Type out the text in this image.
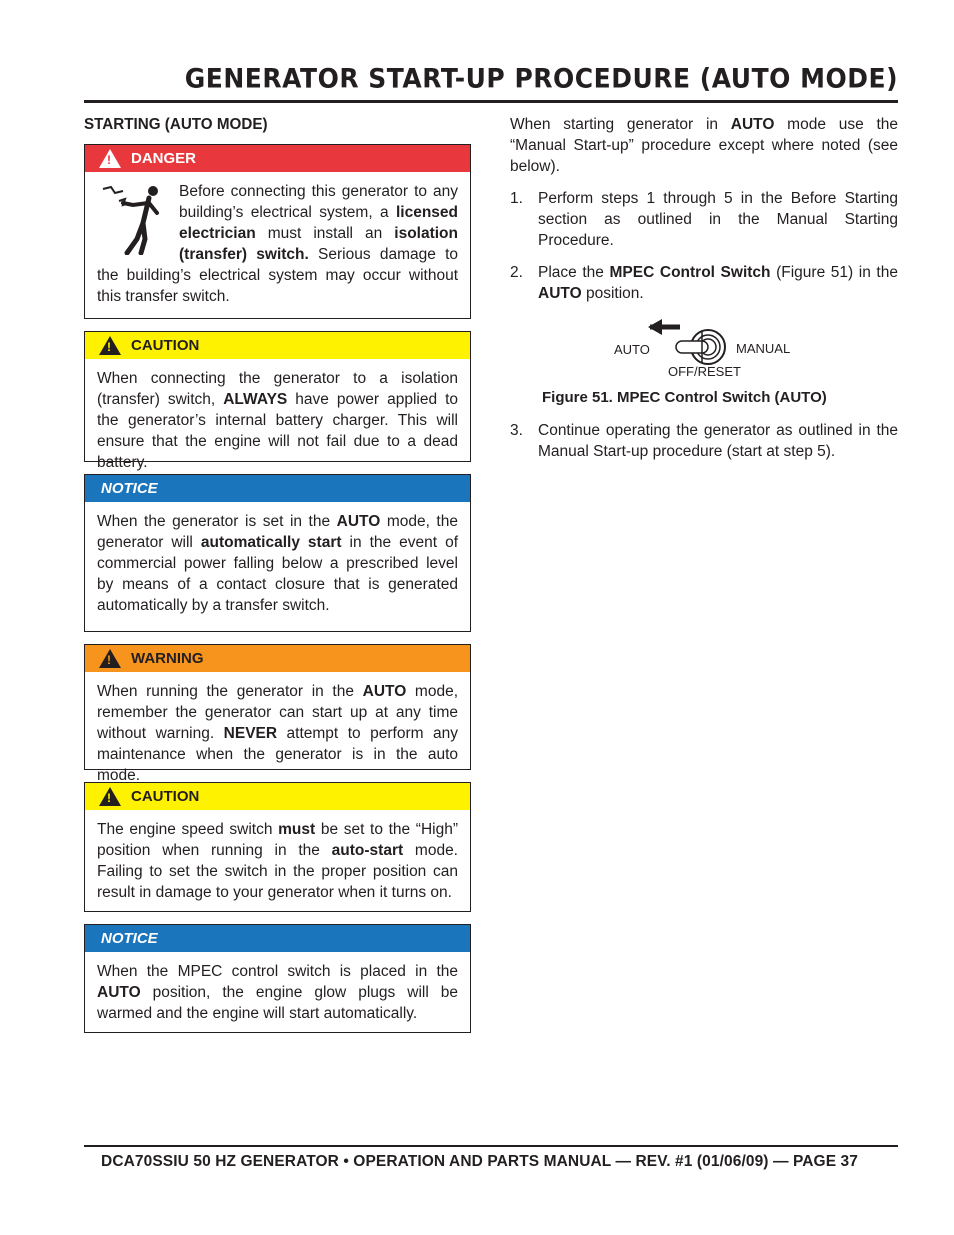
GENERATOR START-UP PROCEDURE (AUTO MODE)
STARTING (AUTO MODE)
!
DANGER
Before connecting this generator to any building’s electrical system, a licensed electrician must install an isolation (transfer) switch. Serious damage to the building’s electrical system may occur without this transfer switch.
!
CAUTION
When connecting the generator to a isolation (transfer) switch, ALWAYS have power applied to the generator’s internal battery charger. This will ensure that the engine will not fail due to a dead battery.
NOTICE
When the generator is set in the AUTO mode, the generator will automatically start in the event of commercial power falling below a prescribed level by means of a contact closure that is generated automatically by a transfer switch.
!
WARNING
When running the generator in the AUTO mode, remember the generator can start up at any time without warning. NEVER attempt to perform any maintenance when the generator is in the auto mode.
!
CAUTION
The engine speed switch must be set to the “High” position when running in the auto-start mode. Failing to set the switch in the proper position can result in damage to your generator when it turns on.
NOTICE
When the MPEC control switch is placed in the AUTO position, the engine glow plugs will be warmed and the engine will start automatically.

When starting generator in AUTO mode use the “Manual Start-up” procedure except where noted (see below).

1. Perform steps 1 through 5 in the Before Starting section as outlined in the Manual Starting Procedure.
2. Place the MPEC Control Switch (Figure 51) in the AUTO position.
AUTO	MANUAL
OFF/RESET
Figure 51. MPEC Control Switch (AUTO)
3. Continue operating the generator as outlined in the Manual Start-up procedure (start at step 5).
DCA70SSIU 50 HZ GENERATOR • OPERATION AND PARTS MANUAL — REV. #1 (01/06/09) — PAGE 37
